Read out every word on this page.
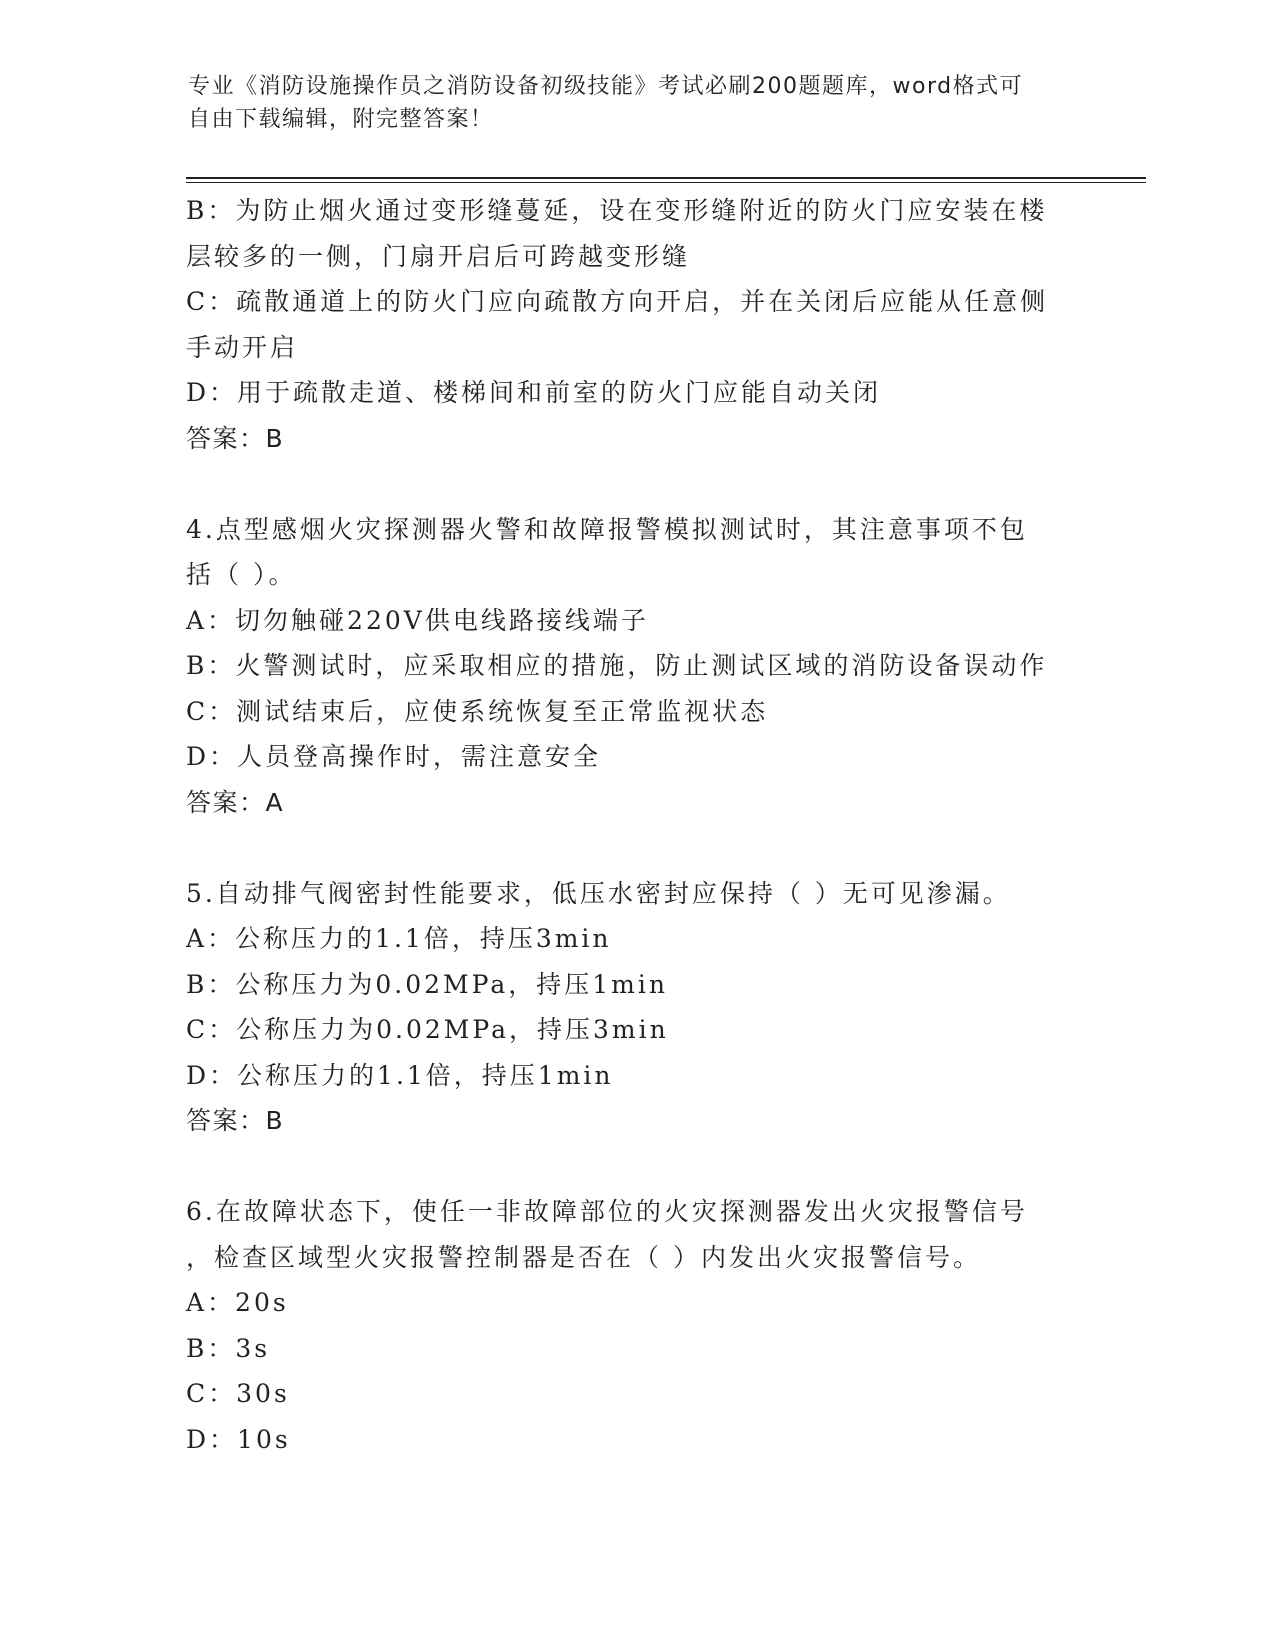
专业《消防设施操作员之消防设备初级技能》考试必刷200题题库，word格式可
自由下载编辑，附完整答案！
B：为防止烟火通过变形缝蔓延，设在变形缝附近的防火门应安装在楼
层较多的一侧，门扇开启后可跨越变形缝
C：疏散通道上的防火门应向疏散方向开启，并在关闭后应能从任意侧
手动开启
D：用于疏散走道、楼梯间和前室的防火门应能自动关闭
答案：B
4.点型感烟火灾探测器火警和故障报警模拟测试时，其注意事项不包
括（ ）。
A：切勿触碰220V供电线路接线端子
B：火警测试时，应采取相应的措施，防止测试区域的消防设备误动作
C：测试结束后，应使系统恢复至正常监视状态
D：人员登高操作时，需注意安全
答案：A
5.自动排气阀密封性能要求，低压水密封应保持（ ）无可见渗漏。
A：公称压力的1.1倍，持压3min
B：公称压力为0.02MPa，持压1min
C：公称压力为0.02MPa，持压3min
D：公称压力的1.1倍，持压1min
答案：B
6.在故障状态下，使任一非故障部位的火灾探测器发出火灾报警信号
，检查区域型火灾报警控制器是否在（ ）内发出火灾报警信号。
A：20s
B：3s
C：30s
D：10s
